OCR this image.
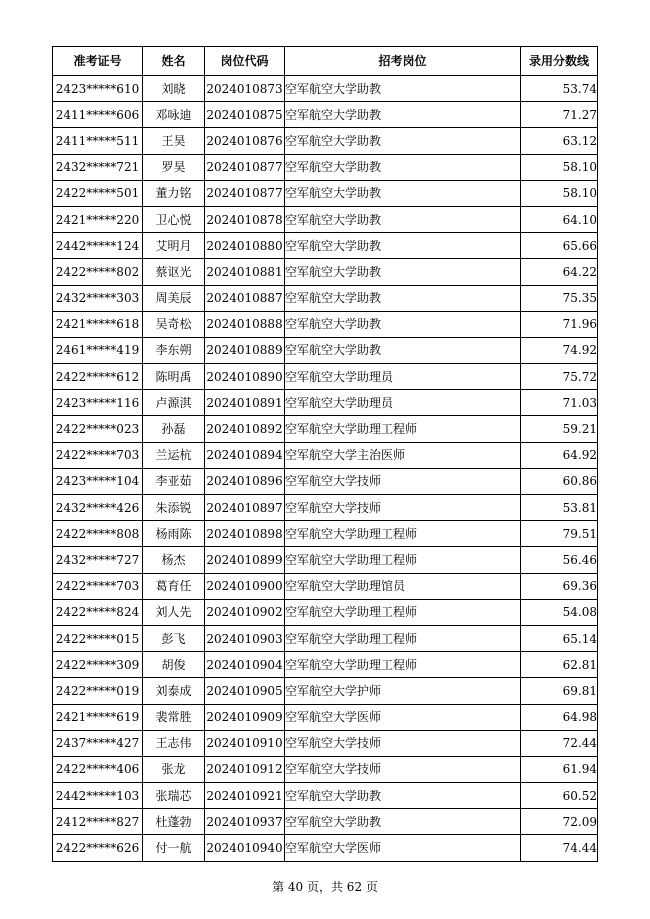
准考证号	姓名	岗位代码	招考岗位	录用分数线
2423*****610	刘晓	2024010873	空军航空大学助教	53.74
2411*****606	邓咏迪	2024010875	空军航空大学助教	71.27
2411*****511	王昊	2024010876	空军航空大学助教	63.12
2432*****721	罗昊	2024010877	空军航空大学助教	58.10
2422*****501	董力铭	2024010877	空军航空大学助教	58.10
2421*****220	卫心悦	2024010878	空军航空大学助教	64.10
2442*****124	艾明月	2024010880	空军航空大学助教	65.66
2422*****802	蔡讴光	2024010881	空军航空大学助教	64.22
2432*****303	周美辰	2024010887	空军航空大学助教	75.35
2421*****618	吴奇松	2024010888	空军航空大学助教	71.96
2461*****419	李东朔	2024010889	空军航空大学助教	74.92
2422*****612	陈明禹	2024010890	空军航空大学助理员	75.72
2423*****116	卢源淇	2024010891	空军航空大学助理员	71.03
2422*****023	孙磊	2024010892	空军航空大学助理工程师	59.21
2422*****703	兰运杭	2024010894	空军航空大学主治医师	64.92
2423*****104	李亚茹	2024010896	空军航空大学技师	60.86
2432*****426	朱添锐	2024010897	空军航空大学技师	53.81
2422*****808	杨雨陈	2024010898	空军航空大学助理工程师	79.51
2432*****727	杨杰	2024010899	空军航空大学助理工程师	56.46
2422*****703	葛育任	2024010900	空军航空大学助理馆员	69.36
2422*****824	刘人先	2024010902	空军航空大学助理工程师	54.08
2422*****015	彭飞	2024010903	空军航空大学助理工程师	65.14
2422*****309	胡俊	2024010904	空军航空大学助理工程师	62.81
2422*****019	刘泰成	2024010905	空军航空大学护师	69.81
2421*****619	裴常胜	2024010909	空军航空大学医师	64.98
2437*****427	王志伟	2024010910	空军航空大学技师	72.44
2422*****406	张龙	2024010912	空军航空大学技师	61.94
2442*****103	张瑞芯	2024010921	空军航空大学助教	60.52
2412*****827	杜蓬勃	2024010937	空军航空大学助教	72.09
2422*****626	付一航	2024010940	空军航空大学医师	74.44
第 40 页，共 62 页
